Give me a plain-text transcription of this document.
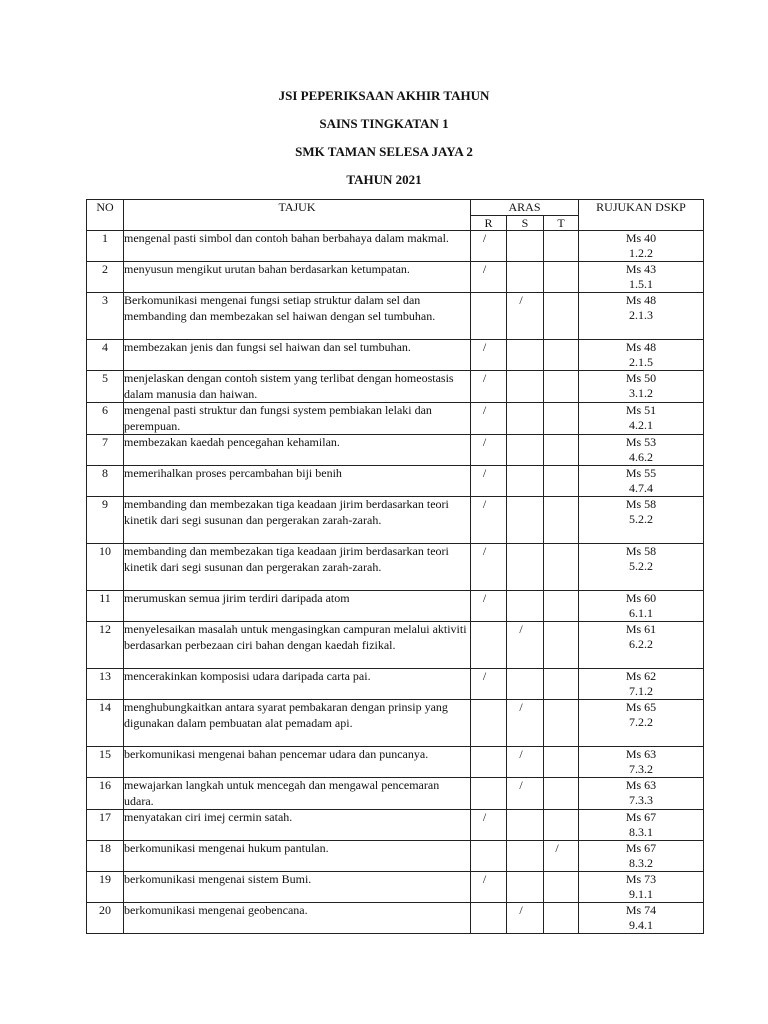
JSI PEPERIKSAAN AKHIR TAHUN
SAINS TINGKATAN 1
SMK TAMAN SELESA JAYA 2
TAHUN 2021
NO	TAJUK	ARAS			RUJUKAN DSKP
		R	S	T	
1	mengenal pasti simbol dan contoh bahan berbahaya dalam makmal.	/			Ms 40
1.2.2

2	menyusun mengikut urutan bahan berdasarkan ketumpatan.	/			Ms 43
1.5.1

3	Berkomunikasi mengenai fungsi setiap struktur dalam sel dan membanding dan membezakan sel haiwan dengan sel tumbuhan.		/		Ms 48
2.1.3

4	membezakan jenis dan fungsi sel haiwan dan sel tumbuhan.	/			Ms 48
2.1.5

5	menjelaskan dengan contoh sistem yang terlibat dengan homeostasis dalam manusia dan haiwan.	/			Ms 50
3.1.2

6	mengenal pasti struktur dan fungsi system pembiakan lelaki dan perempuan.	/			Ms 51
4.2.1

7	membezakan kaedah pencegahan kehamilan.	/			Ms 53
4.6.2

8	memerihalkan proses percambahan biji benih	/			Ms 55
4.7.4

9	membanding dan membezakan tiga keadaan jirim berdasarkan teori kinetik dari segi susunan dan pergerakan zarah-zarah.	/			Ms 58
5.2.2

10	membanding dan membezakan tiga keadaan jirim berdasarkan teori kinetik dari segi susunan dan pergerakan zarah-zarah.	/			Ms 58
5.2.2

11	merumuskan semua jirim terdiri daripada atom	/			Ms 60
6.1.1

12	menyelesaikan masalah untuk mengasingkan campuran melalui aktiviti berdasarkan perbezaan ciri bahan dengan kaedah fizikal.		/		Ms 61
6.2.2

13	mencerakinkan komposisi udara daripada carta pai.	/			Ms 62
7.1.2

14	menghubungkaitkan antara syarat pembakaran dengan prinsip yang digunakan dalam pembuatan alat pemadam api.		/		Ms 65
7.2.2

15	berkomunikasi mengenai bahan pencemar udara dan puncanya.		/		Ms 63
7.3.2

16	mewajarkan langkah untuk mencegah dan mengawal pencemaran udara.		/		Ms 63
7.3.3

17	menyatakan ciri imej cermin satah.	/			Ms 67
8.3.1

18	berkomunikasi mengenai hukum pantulan.			/	Ms 67
8.3.2

19	berkomunikasi mengenai sistem Bumi.	/			Ms 73
9.1.1

20	berkomunikasi mengenai geobencana.		/		Ms 74
9.4.1
